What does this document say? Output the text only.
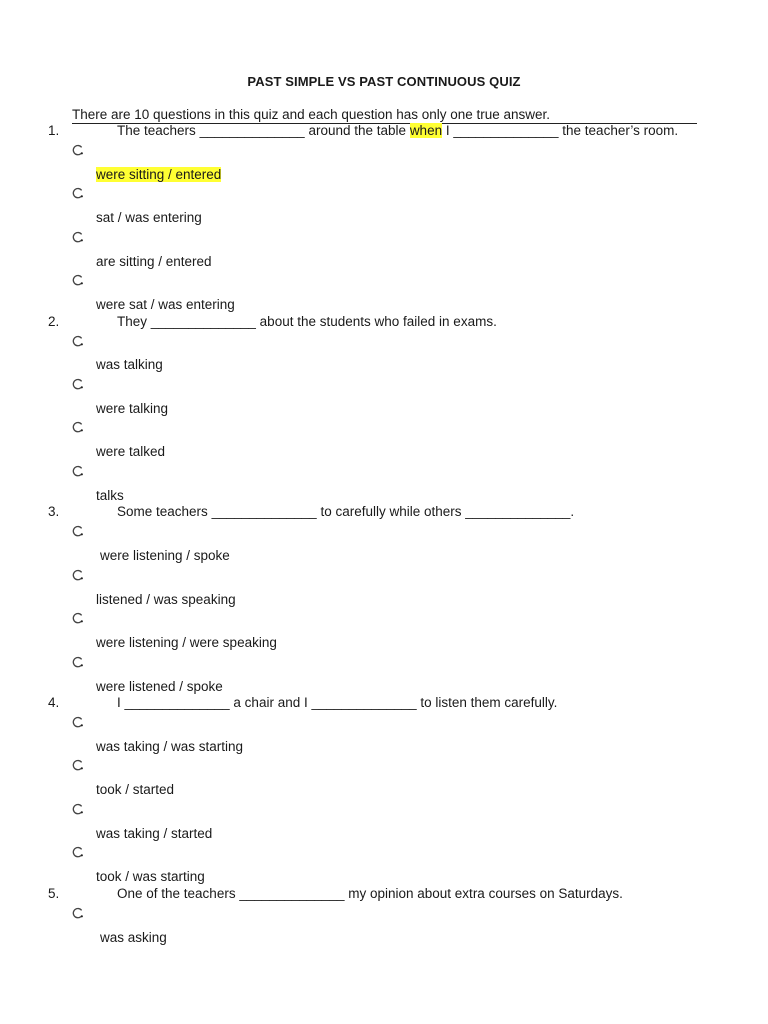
PAST SIMPLE VS PAST CONTINUOUS QUIZ
There are 10 questions in this quiz and each question has only one true answer.
1.	The teachers ______________ around the table when I ______________ the teacher’s room.
were sitting / entered
sat / was entering
are sitting / entered
were sat / was entering
2.	They ______________ about the students who failed in exams.
was talking
were talking
were talked
talks
3.	Some teachers ______________ to carefully while others ______________.
were listening / spoke
listened / was speaking
were listening / were speaking
were listened / spoke
4.	I ______________ a chair and I ______________ to listen them carefully.
was taking / was starting
took / started
was taking / started
took / was starting
5.	One of the teachers ______________ my opinion about extra courses on Saturdays.
was asking
